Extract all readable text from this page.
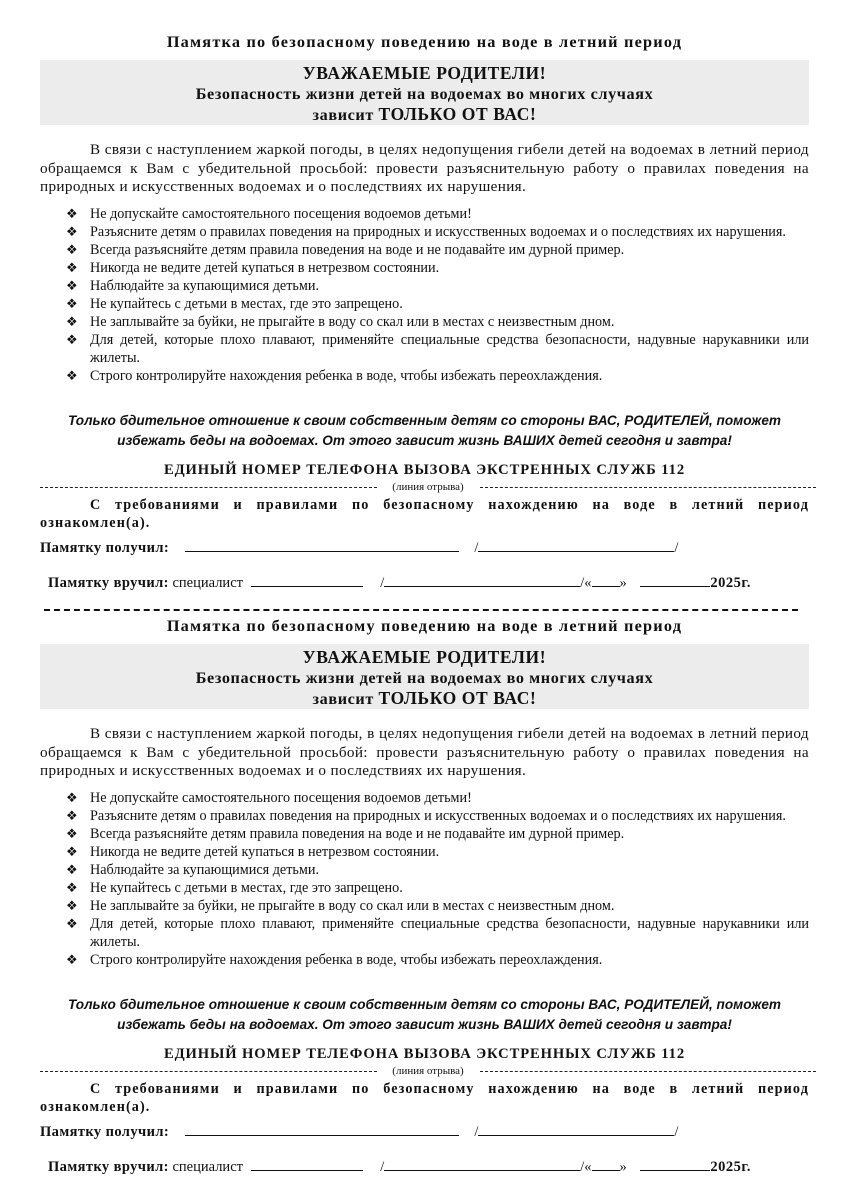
Памятка по безопасному поведению на воде в летний период
УВАЖАЕМЫЕ РОДИТЕЛИ!
Безопасность жизни детей на водоемах во многих случаях
зависит ТОЛЬКО ОТ ВАС!
В связи с наступлением жаркой погоды, в целях недопущения гибели детей на водоемах в летний период обращаемся к Вам с убедительной просьбой: провести разъяснительную работу о правилах поведения на природных и искусственных водоемах и о последствиях их нарушения.
❖ Не допускайте самостоятельного посещения водоемов детьми!
❖ Разъясните детям о правилах поведения на природных и искусственных водоемах и о последствиях их нарушения.
❖ Всегда разъясняйте детям правила поведения на воде и не подавайте им дурной пример.
❖ Никогда не ведите детей купаться в нетрезвом состоянии.
❖ Наблюдайте за купающимися детьми.
❖ Не купайтесь с детьми в местах, где это запрещено.
❖ Не заплывайте за буйки, не прыгайте в воду со скал или в местах с неизвестным дном.
❖ Для детей, которые плохо плавают, применяйте специальные средства безопасности, надувные нарукавники или жилеты.
❖ Строго контролируйте нахождения ребенка в воде, чтобы избежать переохлаждения.
Только бдительное отношение к своим собственным детям со стороны ВАС, РОДИТЕЛЕЙ, поможет
избежать беды на водоемах. От этого зависит жизнь ВАШИХ детей сегодня и завтра!
ЕДИНЫЙ НОМЕР ТЕЛЕФОНА ВЫЗОВА ЭКСТРЕННЫХ СЛУЖБ 112
(линия отрыва)
С требованиями и правилами по безопасному нахождению на воде в летний период ознакомлен(а).
Памятку получил:	/	/
Памятку вручил: специалист	/	/« »	2025г.
Памятка по безопасному поведению на воде в летний период
УВАЖАЕМЫЕ РОДИТЕЛИ!
Безопасность жизни детей на водоемах во многих случаях
зависит ТОЛЬКО ОТ ВАС!
В связи с наступлением жаркой погоды, в целях недопущения гибели детей на водоемах в летний период обращаемся к Вам с убедительной просьбой: провести разъяснительную работу о правилах поведения на природных и искусственных водоемах и о последствиях их нарушения.
❖ Не допускайте самостоятельного посещения водоемов детьми!
❖ Разъясните детям о правилах поведения на природных и искусственных водоемах и о последствиях их нарушения.
❖ Всегда разъясняйте детям правила поведения на воде и не подавайте им дурной пример.
❖ Никогда не ведите детей купаться в нетрезвом состоянии.
❖ Наблюдайте за купающимися детьми.
❖ Не купайтесь с детьми в местах, где это запрещено.
❖ Не заплывайте за буйки, не прыгайте в воду со скал или в местах с неизвестным дном.
❖ Для детей, которые плохо плавают, применяйте специальные средства безопасности, надувные нарукавники или жилеты.
❖ Строго контролируйте нахождения ребенка в воде, чтобы избежать переохлаждения.
Только бдительное отношение к своим собственным детям со стороны ВАС, РОДИТЕЛЕЙ, поможет
избежать беды на водоемах. От этого зависит жизнь ВАШИХ детей сегодня и завтра!
ЕДИНЫЙ НОМЕР ТЕЛЕФОНА ВЫЗОВА ЭКСТРЕННЫХ СЛУЖБ 112
(линия отрыва)
С требованиями и правилами по безопасному нахождению на воде в летний период ознакомлен(а).
Памятку получил:	/	/
Памятку вручил: специалист	/	/« »	2025г.
